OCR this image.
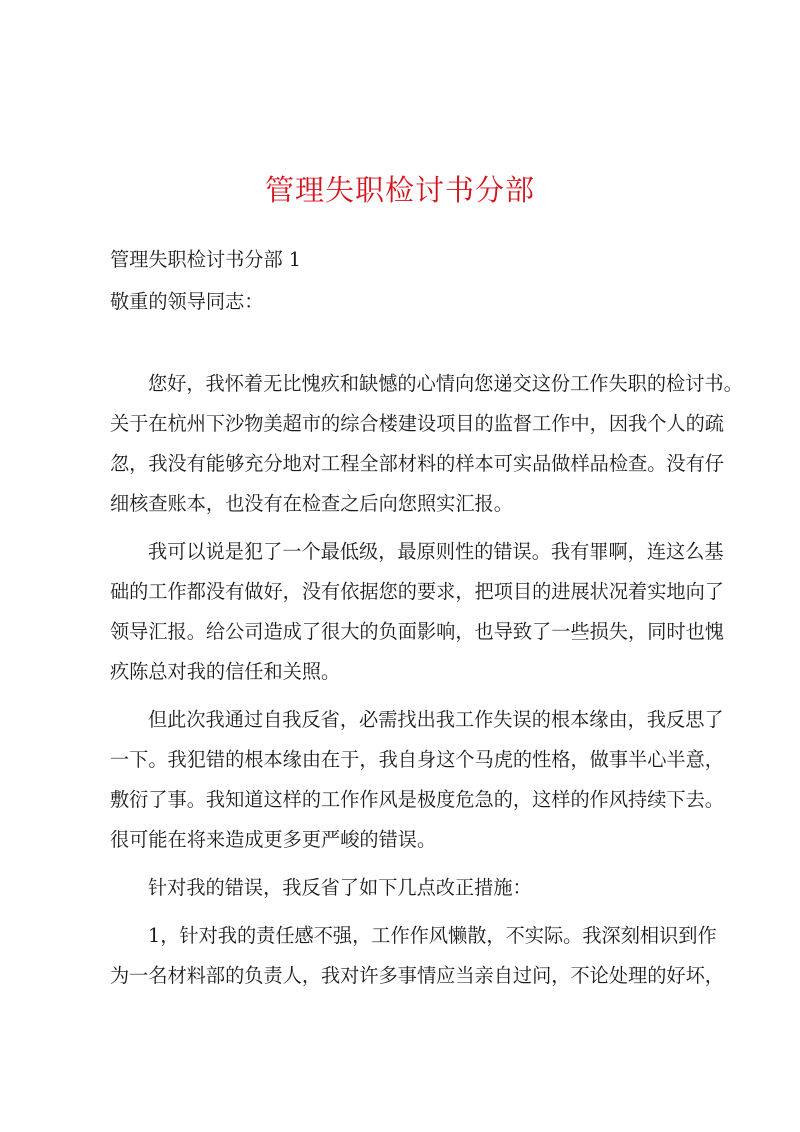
管理失职检讨书分部
管理失职检讨书分部 1
敬重的领导同志：
您好，我怀着无比愧疚和缺憾的心情向您递交这份工作失职的检讨书。
关于在杭州下沙物美超市的综合楼建设项目的监督工作中，因我个人的疏
忽，我没有能够充分地对工程全部材料的样本可实品做样品检查。没有仔
细核查账本，也没有在检查之后向您照实汇报。
我可以说是犯了一个最低级，最原则性的错误。我有罪啊，连这么基
础的工作都没有做好，没有依据您的要求，把项目的进展状况着实地向了
领导汇报。给公司造成了很大的负面影响，也导致了一些损失，同时也愧
疚陈总对我的信任和关照。
但此次我通过自我反省，必需找出我工作失误的根本缘由，我反思了
一下。我犯错的根本缘由在于，我自身这个马虎的性格，做事半心半意，
敷衍了事。我知道这样的工作作风是极度危急的，这样的作风持续下去。
很可能在将来造成更多更严峻的错误。
针对我的错误，我反省了如下几点改正措施：
1，针对我的责任感不强，工作作风懒散，不实际。我深刻相识到作
为一名材料部的负责人，我对许多事情应当亲自过问，不论处理的好坏，
